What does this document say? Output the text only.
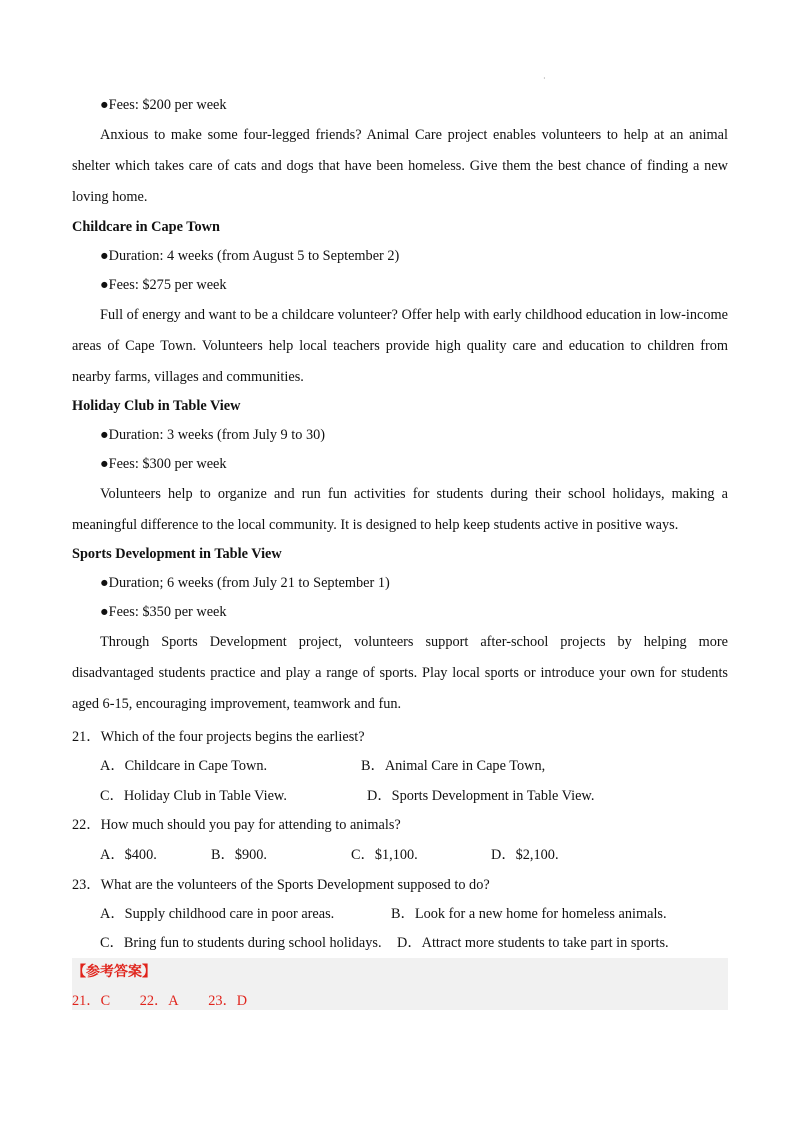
·
●Fees: $200 per week
Anxious to make some four-legged friends? Animal Care project enables volunteers to help at an animal shelter which takes care of cats and dogs that have been homeless. Give them the best chance of finding a new loving home.
Childcare in Cape Town
●Duration: 4 weeks (from August 5 to September 2)
●Fees: $275 per week
Full of energy and want to be a childcare volunteer? Offer help with early childhood education in low-income areas of Cape Town. Volunteers help local teachers provide high quality care and education to children from nearby farms, villages and communities.
Holiday Club in Table View
●Duration: 3 weeks (from July 9 to 30)
●Fees: $300 per week
Volunteers help to organize and run fun activities for students during their school holidays, making a meaningful difference to the local community. It is designed to help keep students active in positive ways.
Sports Development in Table View
●Duration; 6 weeks (from July 21 to September 1)
●Fees: $350 per week
Through Sports Development project, volunteers support after-school projects by helping more disadvantaged students practice and play a range of sports. Play local sports or introduce your own for students aged 6-15, encouraging improvement, teamwork and fun.
21．Which of the four projects begins the earliest?
A．Childcare in Cape Town.	B．Animal Care in Cape Town,
C．Holiday Club in Table View.	D．Sports Development in Table View.
22．How much should you pay for attending to animals?
A．$400.	B．$900.	C．$1,100.	D．$2,100.
23．What are the volunteers of the Sports Development supposed to do?
A．Supply childhood care in poor areas.	B．Look for a new home for homeless animals.
C．Bring fun to students during school holidays. D．Attract more students to take part in sports.
【参考答案】
21．C 22．A 23．D
